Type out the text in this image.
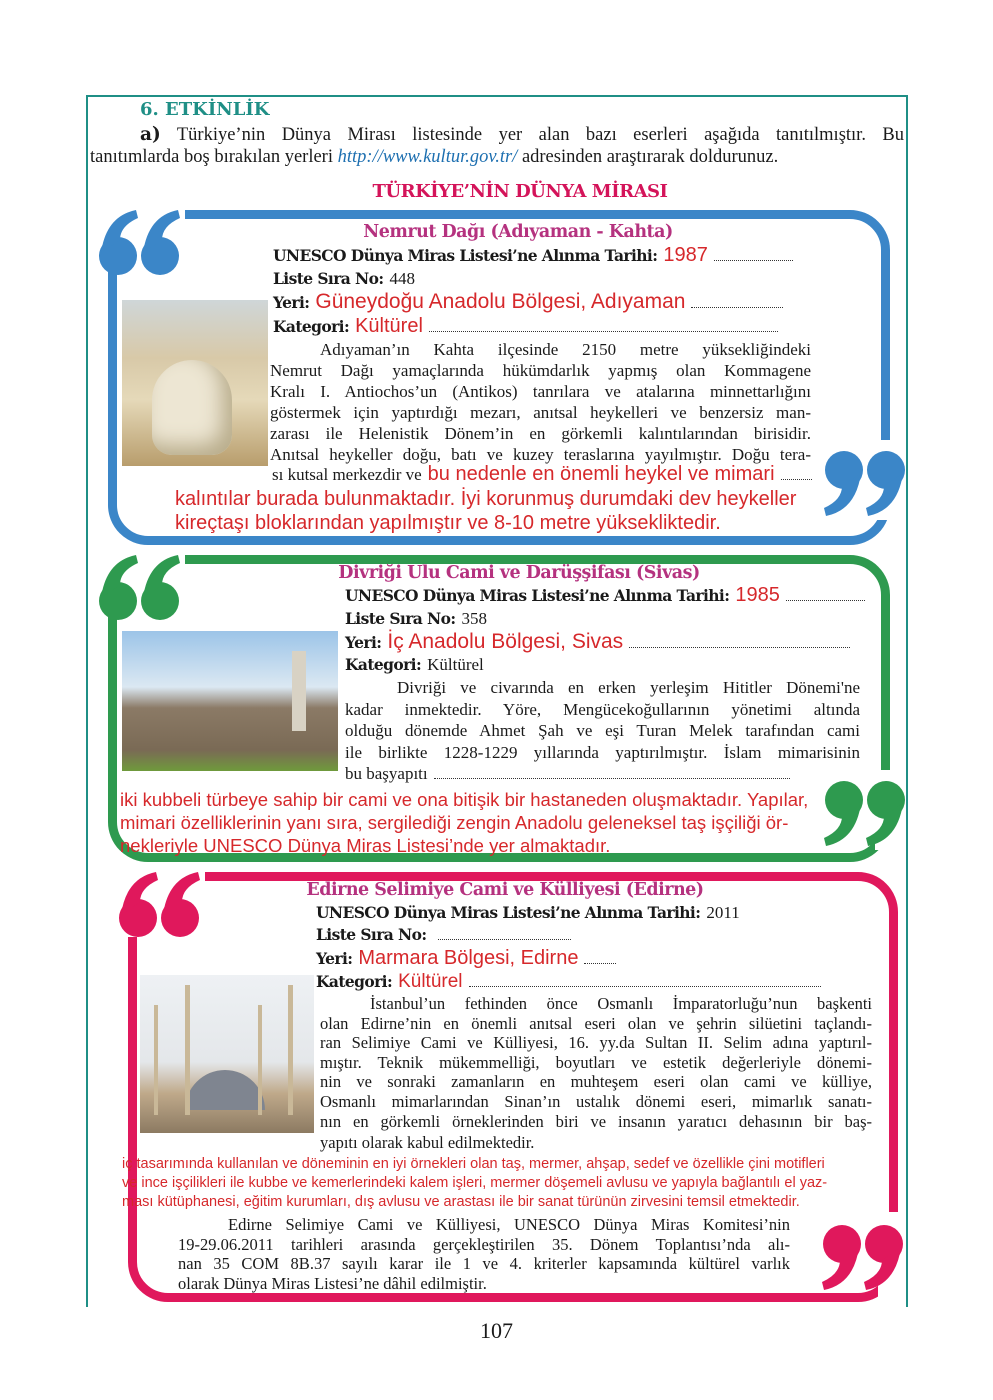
6. ETKİNLİK
a) Türkiye’nin Dünya Mirası listesinde yer alan bazı eserleri aşağıda tanıtılmıştır. Bu
tanıtımlarda boş bırakılan yerleri http://www.kultur.gov.tr/ adresinden araştırarak doldurunuz.
TÜRKİYE’NİN DÜNYA MİRASI
Nemrut Dağı (Adıyaman - Kahta)
UNESCO Dünya Miras Listesi’ne Alınma Tarihi: 1987
Liste Sıra No: 448
Yeri: Güneydoğu Anadolu Bölgesi, Adıyaman
Kategori: Kültürel
Adıyaman’ın Kahta ilçesinde 2150 metre yüksekliğindeki
Nemrut Dağı yamaçlarında hükümdarlık yapmış olan Kommagene
Kralı I. Antiochos’un (Antikos) tanrılara ve atalarına minnettarlığını
göstermek için yaptırdığı mezarı, anıtsal heykelleri ve benzersiz man-
zarası ile Helenistik Dönem’in en görkemli kalıntılarından birisidir.
Anıtsal heykeller doğu, batı ve kuzey teraslarına yayılmıştır. Doğu tera-
sı kutsal merkezdir ve bu nedenle en önemli heykel ve mimari
kalıntılar burada bulunmaktadır. İyi korunmuş durumdaki dev heykeller
kireçtaşı bloklarından yapılmıştır ve 8-10 metre yüksekliktedir.
Divriği Ulu Cami ve Darüşşifası (Sivas)
UNESCO Dünya Miras Listesi’ne Alınma Tarihi: 1985
Liste Sıra No: 358
Yeri: İç Anadolu Bölgesi, Sivas
Kategori: Kültürel
Divriği ve civarında en erken yerleşim Hititler Dönemi'ne
kadar inmektedir. Yöre, Mengücekoğullarının yönetimi altında
olduğu dönemde Ahmet Şah ve eşi Turan Melek tarafından cami
ile birlikte 1228-1229 yıllarında yaptırılmıştır. İslam mimarisinin
bu başyapıtı
iki kubbeli türbeye sahip bir cami ve ona bitişik bir hastaneden oluşmaktadır. Yapılar,
mimari özelliklerinin yanı sıra, sergilediği zengin Anadolu geleneksel taş işçiliği ör-
nekleriyle UNESCO Dünya Miras Listesi’nde yer almaktadır.
Edirne Selimiye Cami ve Külliyesi (Edirne)
UNESCO Dünya Miras Listesi’ne Alınma Tarihi: 2011
Liste Sıra No:
Yeri: Marmara Bölgesi, Edirne
Kategori: Kültürel
İstanbul’un fethinden önce Osmanlı İmparatorluğu’nun başkenti
olan Edirne’nin en önemli anıtsal eseri olan ve şehrin silüetini taçlandı-
ran Selimiye Cami ve Külliyesi, 16. yy.da Sultan II. Selim adına yaptırıl-
mıştır. Teknik mükemmelliği, boyutları ve estetik değerleriyle dönemi-
nin ve sonraki zamanların en muhteşem eseri olan cami ve külliye,
Osmanlı mimarlarından Sinan’ın ustalık dönemi eseri, mimarlık sanatı-
nın en görkemli örneklerinden biri ve insanın yaratıcı dehasının bir baş-
yapıtı olarak kabul edilmektedir.
iç tasarımında kullanılan ve döneminin en iyi örnekleri olan taş, mermer, ahşap, sedef ve özellikle çini motifleri
ve ince işçilikleri ile kubbe ve kemerlerindeki kalem işleri, mermer döşemeli avlusu ve yapıyla bağlantılı el yaz-
ması kütüphanesi, eğitim kurumları, dış avlusu ve arastası ile bir sanat türünün zirvesini temsil etmektedir.
Edirne Selimiye Cami ve Külliyesi, UNESCO Dünya Miras Komitesi’nin
19-29.06.2011 tarihleri arasında gerçekleştirilen 35. Dönem Toplantısı’nda alı-
nan 35 COM 8B.37 sayılı karar ile 1 ve 4. kriterler kapsamında kültürel varlık
olarak Dünya Miras Listesi’ne dâhil edilmiştir.
107
